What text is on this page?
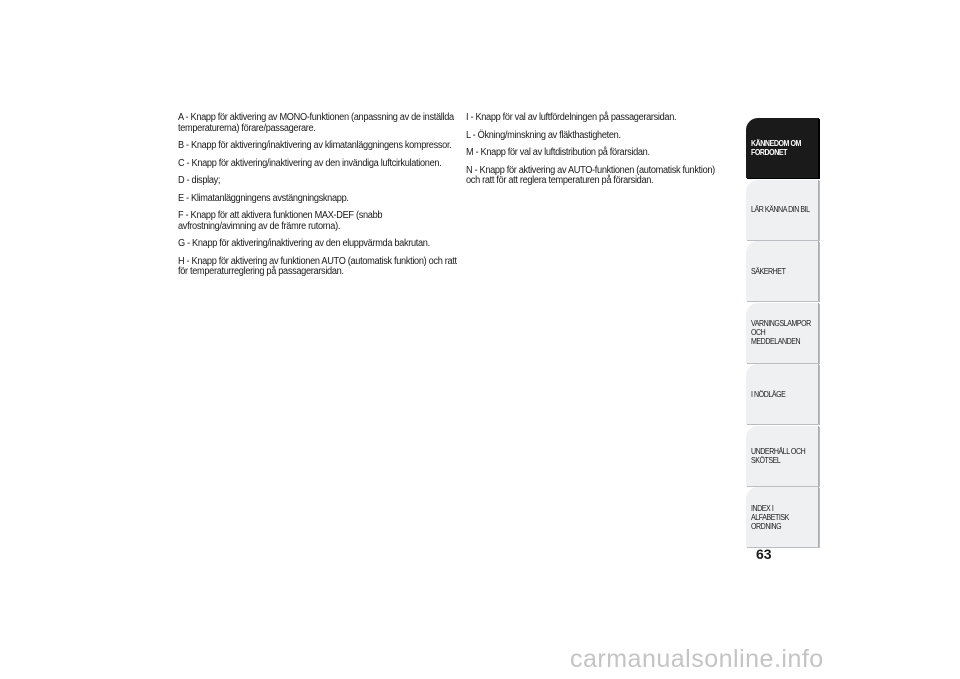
A - Knapp för aktivering av MONO-funktionen (anpassning av de inställda temperaturerna) förare/passagerare.

B - Knapp för aktivering/inaktivering av klimatanläggningens kompressor.

C - Knapp för aktivering/inaktivering av den invändiga luftcirkulationen.

D - display;

E - Klimatanläggningens avstängningsknapp.

F - Knapp för att aktivera funktionen MAX-DEF (snabb avfrostning/avimning av de främre rutorna).

G - Knapp för aktivering/inaktivering av den eluppvärmda bakrutan.

H - Knapp för aktivering av funktionen AUTO (automatisk funktion) och ratt för temperaturreglering på passagerarsidan.

I - Knapp för val av luftfördelningen på passagerarsidan.

L - Ökning/minskning av fläkthastigheten.

M - Knapp för val av luftdistribution på förarsidan.

N - Knapp för aktivering av AUTO-funktionen (automatisk funktion) och ratt för att reglera temperaturen på förarsidan.

KÄNNEDOM OM
FORDONET
LÄR KÄNNA DIN BIL
SÄKERHET
VARNINGSLAMPOR
OCH MEDDELANDEN
I NÖDLÄGE
UNDERHÅLL OCH
SKÖTSEL
INDEX I ALFABETISK
ORDNING
63
carmanualsonline.info
